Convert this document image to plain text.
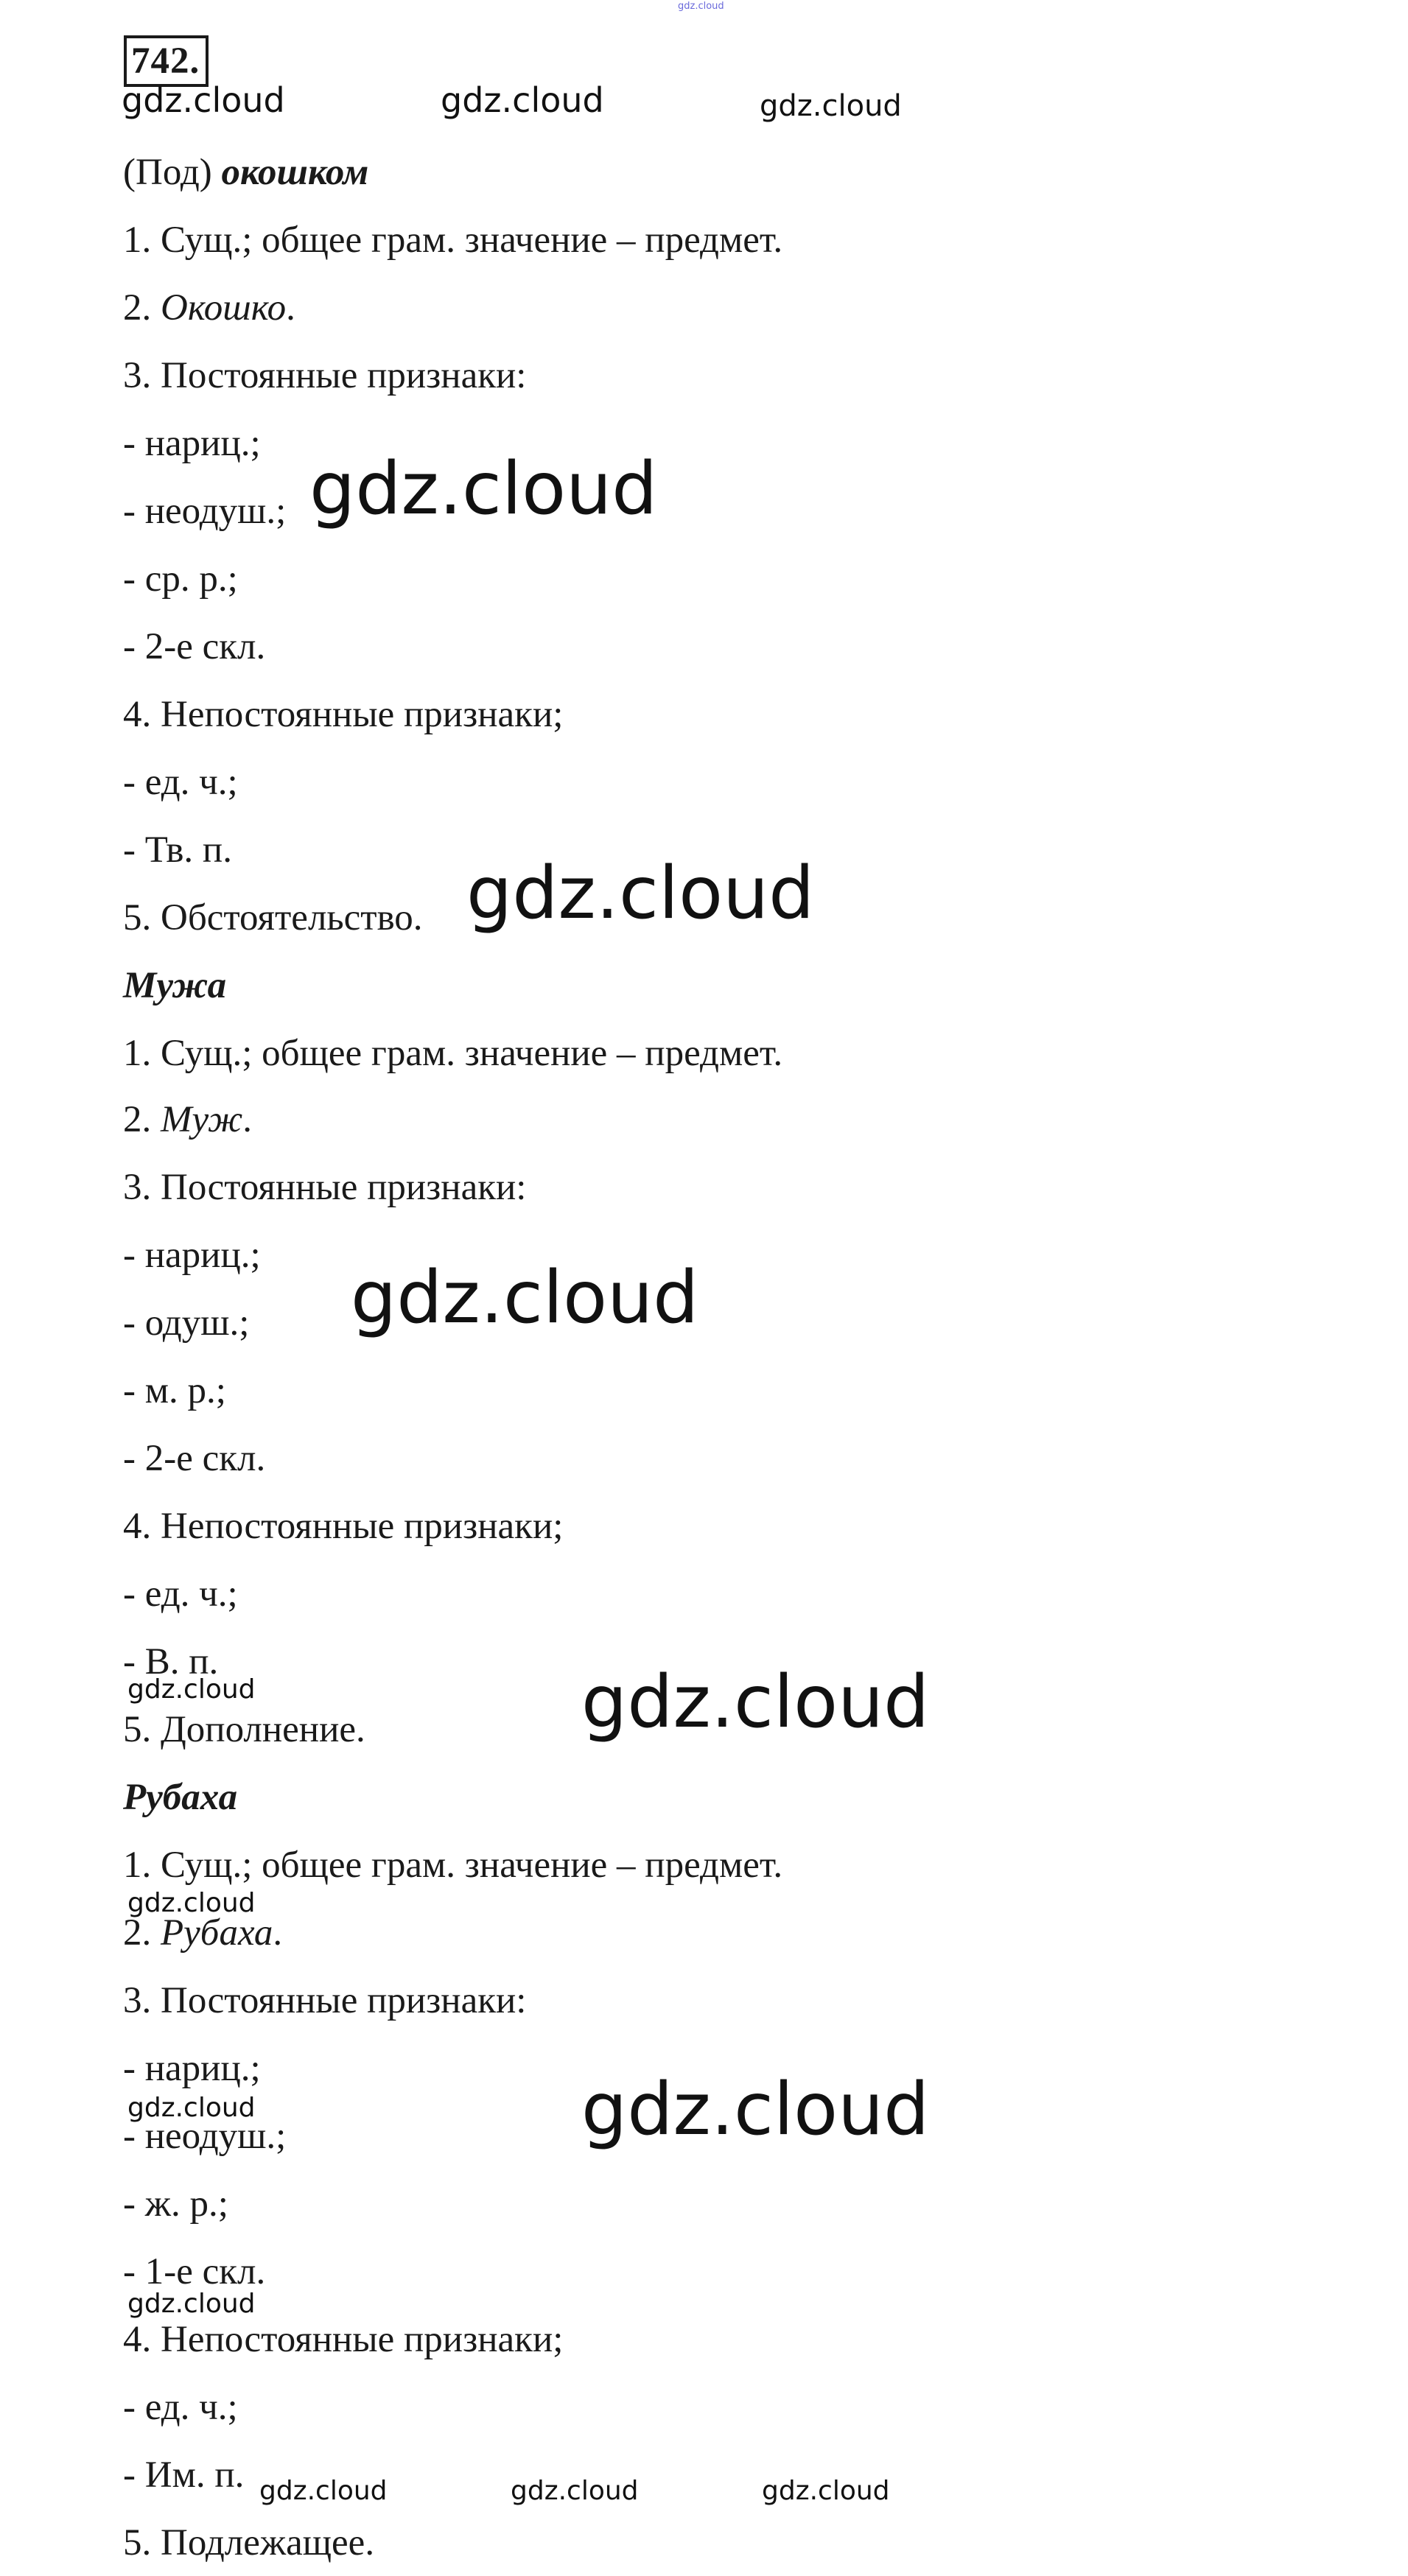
742.
(Под) окошком
1. Сущ.; общее грам. значение – предмет.
2. Окошко.
3. Постоянные признаки:
- нариц.;
- неодуш.;
- ср. р.;
- 2-е скл.
4. Непостоянные признаки;
- ед. ч.;
- Тв. п.
5. Обстоятельство.
Мужа
1. Сущ.; общее грам. значение – предмет.
2. Муж.
3. Постоянные признаки:
- нариц.;
- одуш.;
- м. р.;
- 2-е скл.
4. Непостоянные признаки;
- ед. ч.;
- В. п.
5. Дополнение.
Рубаха
1. Сущ.; общее грам. значение – предмет.
2. Рубаха.
3. Постоянные признаки:
- нариц.;
- неодуш.;
- ж. р.;
- 1-е скл.
4. Непостоянные признаки;
- ед. ч.;
- Им. п.
5. Подлежащее.
gdz.cloud
gdz.cloud	gdz.cloud	gdz.cloud
gdz.cloud
gdz.cloud
gdz.cloud
gdz.cloud	gdz.cloud
gdz.cloud
gdz.cloud	gdz.cloud
gdz.cloud
gdz.cloud	gdz.cloud	gdz.cloud
